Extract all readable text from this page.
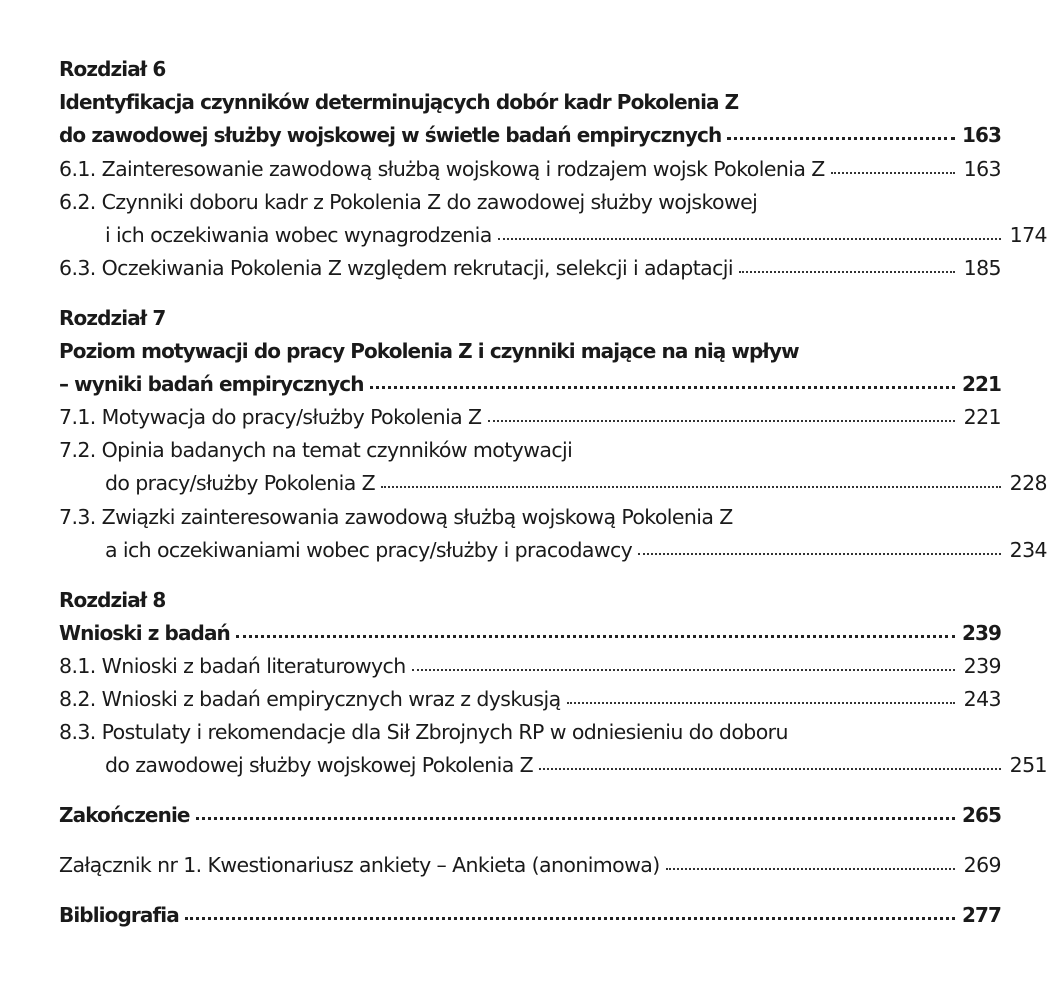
Rozdział 6
Identyfikacja czynników determinujących dobór kadr Pokolenia Z
do zawodowej służby wojskowej w świetle badań empirycznych	163
6.1.
Zainteresowanie zawodową służbą wojskową i rodzajem wojsk Pokolenia Z	163
6.2.
Czynniki doboru kadr z Pokolenia Z do zawodowej służby wojskowej
i ich oczekiwania wobec wynagrodzenia	174
6.3.
Oczekiwania Pokolenia Z względem rekrutacji, selekcji i adaptacji	185
Rozdział 7
Poziom motywacji do pracy Pokolenia Z i czynniki mające na nią wpływ
– wyniki badań empirycznych	221
7.1.
Motywacja do pracy/służby Pokolenia Z	221
7.2.
Opinia badanych na temat czynników motywacji
do pracy/służby Pokolenia Z	228
7.3.
Związki zainteresowania zawodową służbą wojskową Pokolenia Z
a ich oczekiwaniami wobec pracy/służby i pracodawcy	234
Rozdział 8
Wnioski z badań	239
8.1.
Wnioski z badań literaturowych	239
8.2.
Wnioski z badań empirycznych wraz z dyskusją	243
8.3.
Postulaty i rekomendacje dla Sił Zbrojnych RP w odniesieniu do doboru
do zawodowej służby wojskowej Pokolenia Z	251
Zakończenie	265
Załącznik nr 1. Kwestionariusz ankiety – Ankieta (anonimowa)	269
Bibliografia	277
